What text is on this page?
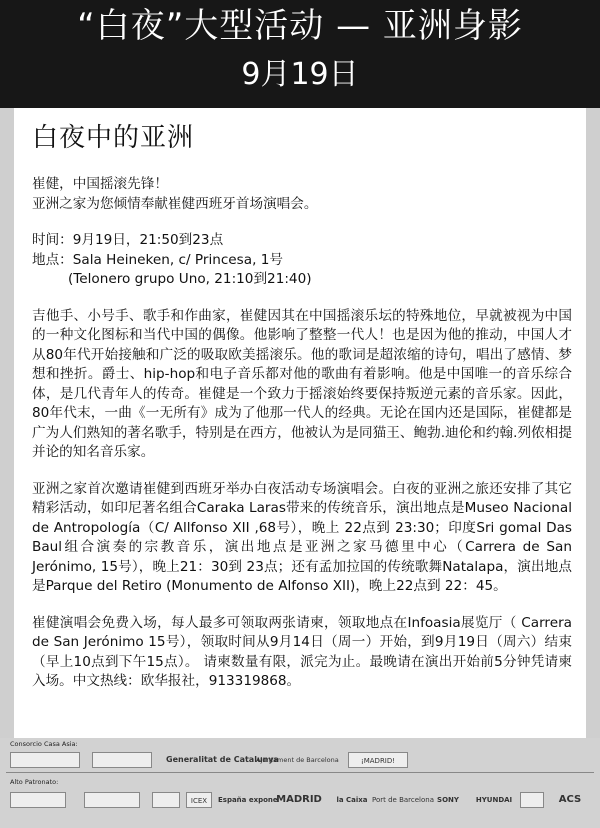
“白夜”大型活动 — 亚洲身影
9月19日
白夜中的亚洲

崔健，中国摇滚先锋！
亚洲之家为您倾情奉献崔健西班牙首场演唱会。

时间：9月19日，21:50到23点
地点：Sala Heineken, c/ Princesa, 1号
(Telonero grupo Uno, 21:10到21:40)

吉他手、小号手、歌手和作曲家，崔健因其在中国摇滚乐坛的特殊地位，早就被视为中国的一种文化图标和当代中国的偶像。他影响了整整一代人！也是因为他的推动，中国人才从80年代开始接触和广泛的吸取欧美摇滚乐。他的歌词是超浓缩的诗句，唱出了感情、梦想和挫折。爵士、hip-hop和电子音乐都对他的歌曲有着影响。他是中国唯一的音乐综合体，是几代青年人的传奇。崔健是一个致力于摇滚始终要保持叛逆元素的音乐家。因此，80年代末，一曲《一无所有》成为了他那一代人的经典。无论在国内还是国际，崔健都是广为人们熟知的著名歌手，特别是在西方，他被认为是同猫王、鲍勃.迪伦和约翰.列侬相提并论的知名音乐家。

亚洲之家首次邀请崔健到西班牙举办白夜活动专场演唱会。白夜的亚洲之旅还安排了其它精彩活动，如印尼著名组合Caraka Laras带来的传统音乐，演出地点是Museo Nacional de Antropología（C/ Allfonso XII ,68号），晚上 22点到 23:30；印度Sri gomal Das Baul组合演奏的宗教音乐，演出地点是亚洲之家马德里中心（Carrera de San Jerónimo, 15号），晚上21：30到 23点；还有孟加拉国的传统歌舞Natalapa，演出地点是Parque del Retiro (Monumento de Alfonso XII)，晚上22点到 22：45。

崔健演唱会免费入场，每人最多可领取两张请柬，领取地点在Infoasia展览厅（ Carrera de San Jerónimo 15号），领取时间从9月14日（周一）开始，到9月19日（周六）结束（早上10点到下午15点）。 请柬数量有限，派完为止。最晚请在演出开始前5分钟凭请柬入场。中文热线：欧华报社，913319868。

Consorcio Casa Asia:
Generalitat de Catalunya
Ajuntament de Barcelona	¡MADRID!
Alto Patronato:
ICEX	España expone
MADRID	la Caixa Port de Barcelona SONY	HYUNDAI	ACS
